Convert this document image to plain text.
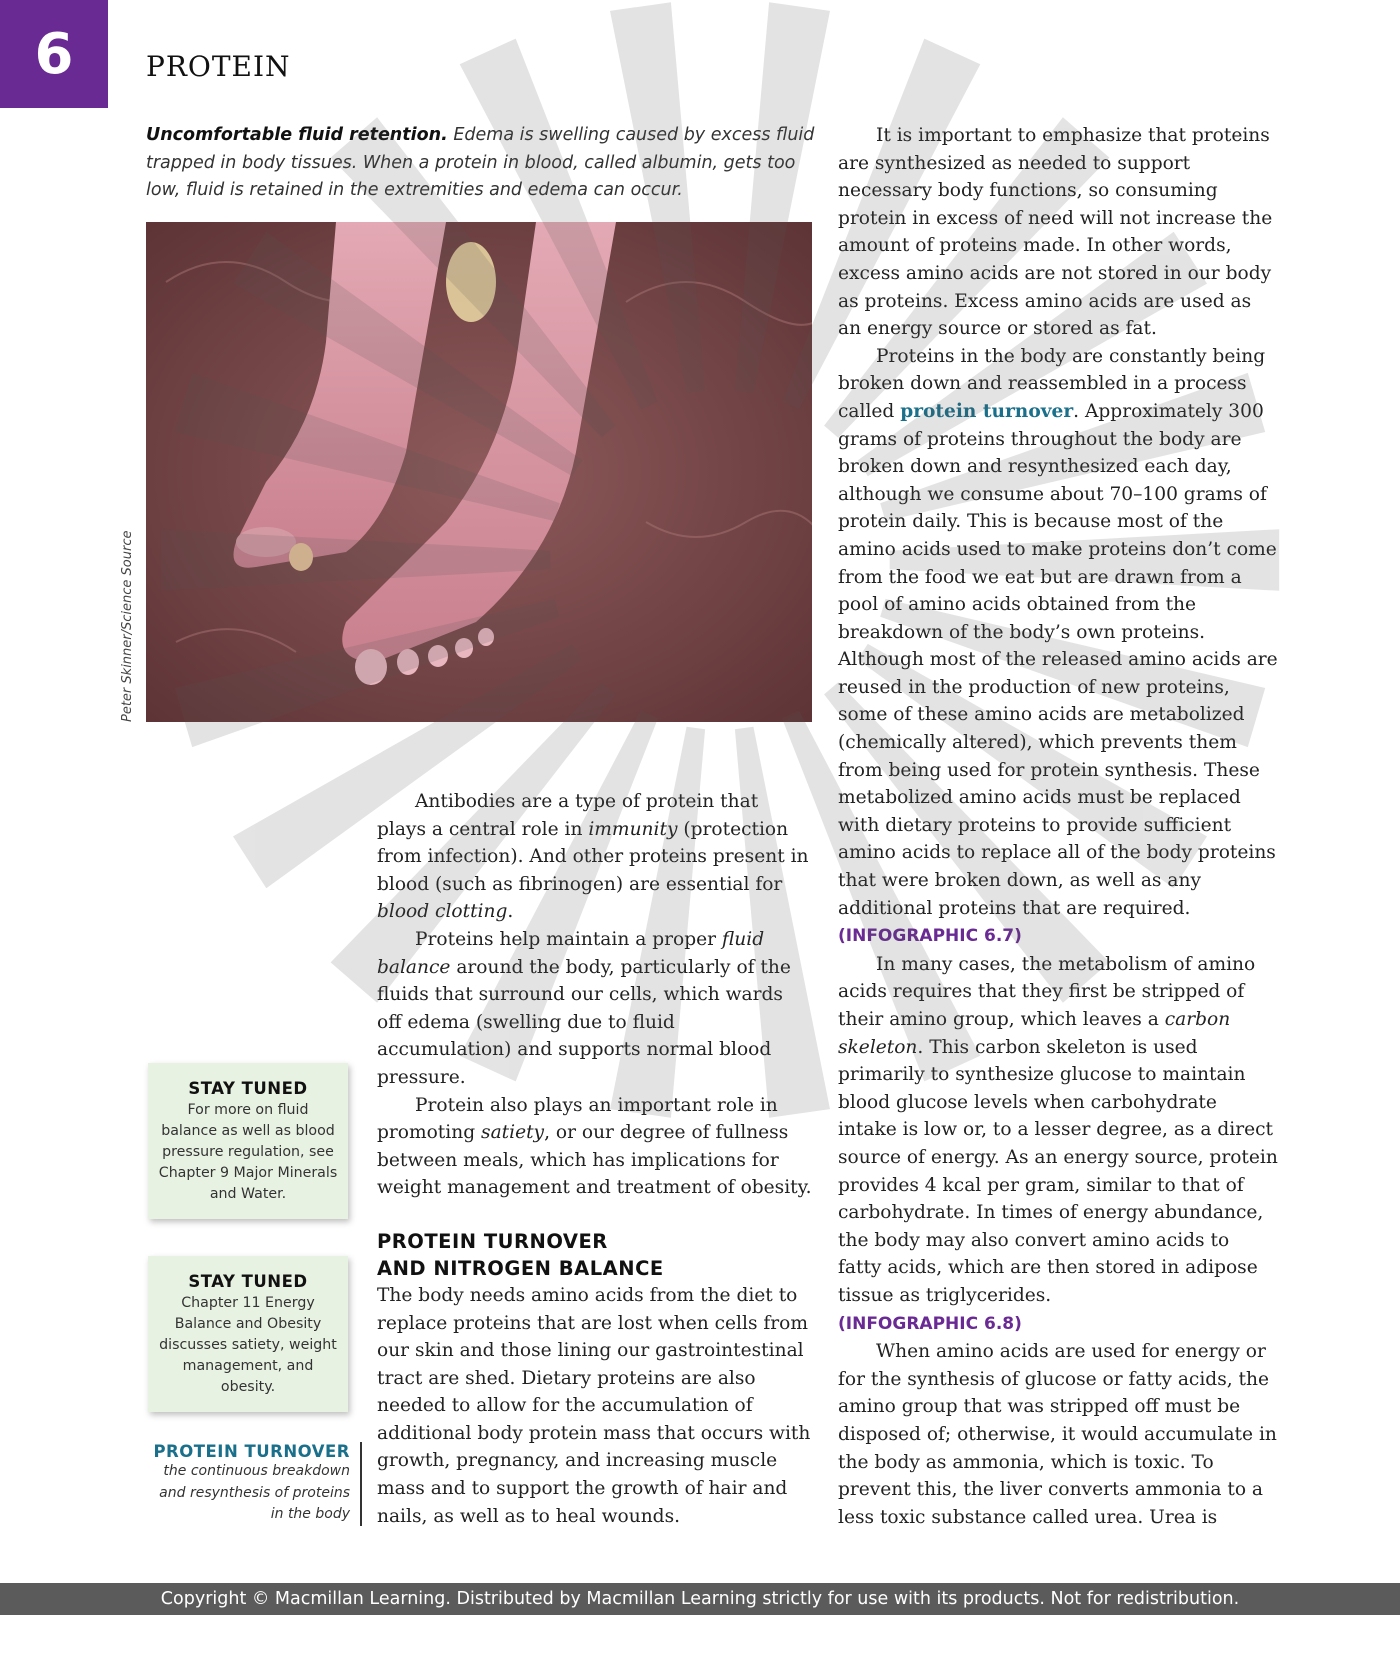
6	PROTEIN
Uncomfortable fluid retention. Edema is swelling caused by excess fluid trapped in body tissues. When a protein in blood, called albumin, gets too low, fluid is retained in the extremities and edema can occur.
Peter Skinner/Science Source

Antibodies are a type of protein that plays a central role in immunity (protection from infection). And other proteins present in blood (such as fibrinogen) are essential for blood clotting.

Proteins help maintain a proper fluid balance around the body, particularly of the fluids that surround our cells, which wards off edema (swelling due to fluid accumulation) and supports normal blood pressure.

Protein also plays an important role in promoting satiety, or our degree of fullness between meals, which has implications for weight management and treatment of obesity.

PROTEIN TURNOVER
AND NITROGEN BALANCE

The body needs amino acids from the diet to replace proteins that are lost when cells from our skin and those lining our gastrointestinal tract are shed. Dietary proteins are also needed to allow for the accumulation of additional body protein mass that occurs with growth, pregnancy, and increasing muscle mass and to support the growth of hair and nails, as well as to heal wounds.

It is important to emphasize that proteins are synthesized as needed to support necessary body functions, so consuming protein in excess of need will not increase the amount of proteins made. In other words, excess amino acids are not stored in our body as proteins. Excess amino acids are used as an energy source or stored as fat.

Proteins in the body are constantly being broken down and reassembled in a process called protein turnover. Approximately 300 grams of proteins throughout the body are broken down and resynthesized each day, although we consume about 70–100 grams of protein daily. This is because most of the amino acids used to make proteins don’t come from the food we eat but are drawn from a pool of amino acids obtained from the breakdown of the body’s own proteins. Although most of the released amino acids are reused in the production of new proteins, some of these amino acids are metabolized (chemically altered), which prevents them from being used for protein synthesis. These metabolized amino acids must be replaced with dietary proteins to provide sufficient amino acids to replace all of the body proteins that were broken down, as well as any additional proteins that are required.
(INFOGRAPHIC 6.7)

In many cases, the metabolism of amino acids requires that they first be stripped of their amino group, which leaves a carbon skeleton. This carbon skeleton is used primarily to synthesize glucose to maintain blood glucose levels when carbohydrate intake is low or, to a lesser degree, as a direct source of energy. As an energy source, protein provides 4 kcal per gram, similar to that of carbohydrate. In times of energy abundance, the body may also convert amino acids to fatty acids, which are then stored in adipose tissue as triglycerides.
(INFOGRAPHIC 6.8)

When amino acids are used for energy or for the synthesis of glucose or fatty acids, the amino group that was stripped off must be disposed of; otherwise, it would accumulate in the body as ammonia, which is toxic. To prevent this, the liver converts ammonia to a less toxic substance called urea. Urea is

STAY TUNED
For more on fluid balance as well as blood pressure regulation, see Chapter 9 Major Minerals and Water.
STAY TUNED
Chapter 11 Energy Balance and Obesity discusses satiety, weight management, and obesity.
PROTEIN TURNOVER
the continuous breakdown and resynthesis of proteins in the body
Copyright © Macmillan Learning. Distributed by Macmillan Learning strictly for use with its products. Not for redistribution.
